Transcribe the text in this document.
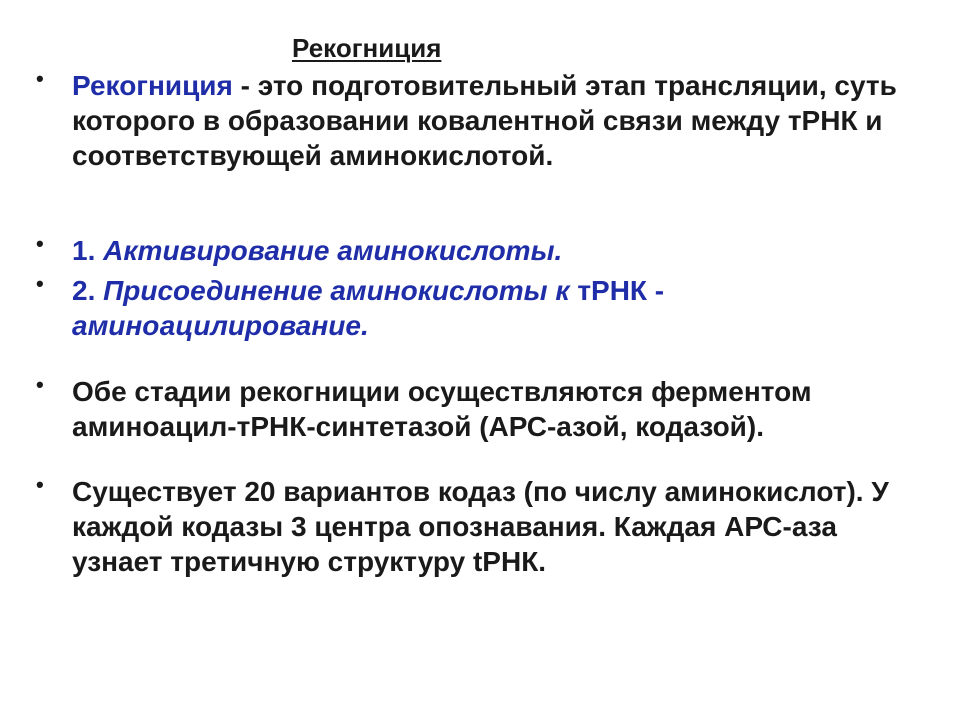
Рекогниция
• Рекогниция - это подготовительный этап трансляции, суть которого в образовании ковалентной связи между тРНК и соответствующей аминокислотой.
• 1. Активирование аминокислоты.
• 2. Присоединение аминокислоты к тРНК - аминоацилирование.
• Обе стадии рекогниции осуществляются ферментом аминоацил-тРНК-синтетазой (АРС-азой, кодазой).
• Существует 20 вариантов кодаз (по числу аминокислот). У каждой кодазы 3 центра опознавания. Каждая АРС-аза узнает третичную структуру tРНК.
